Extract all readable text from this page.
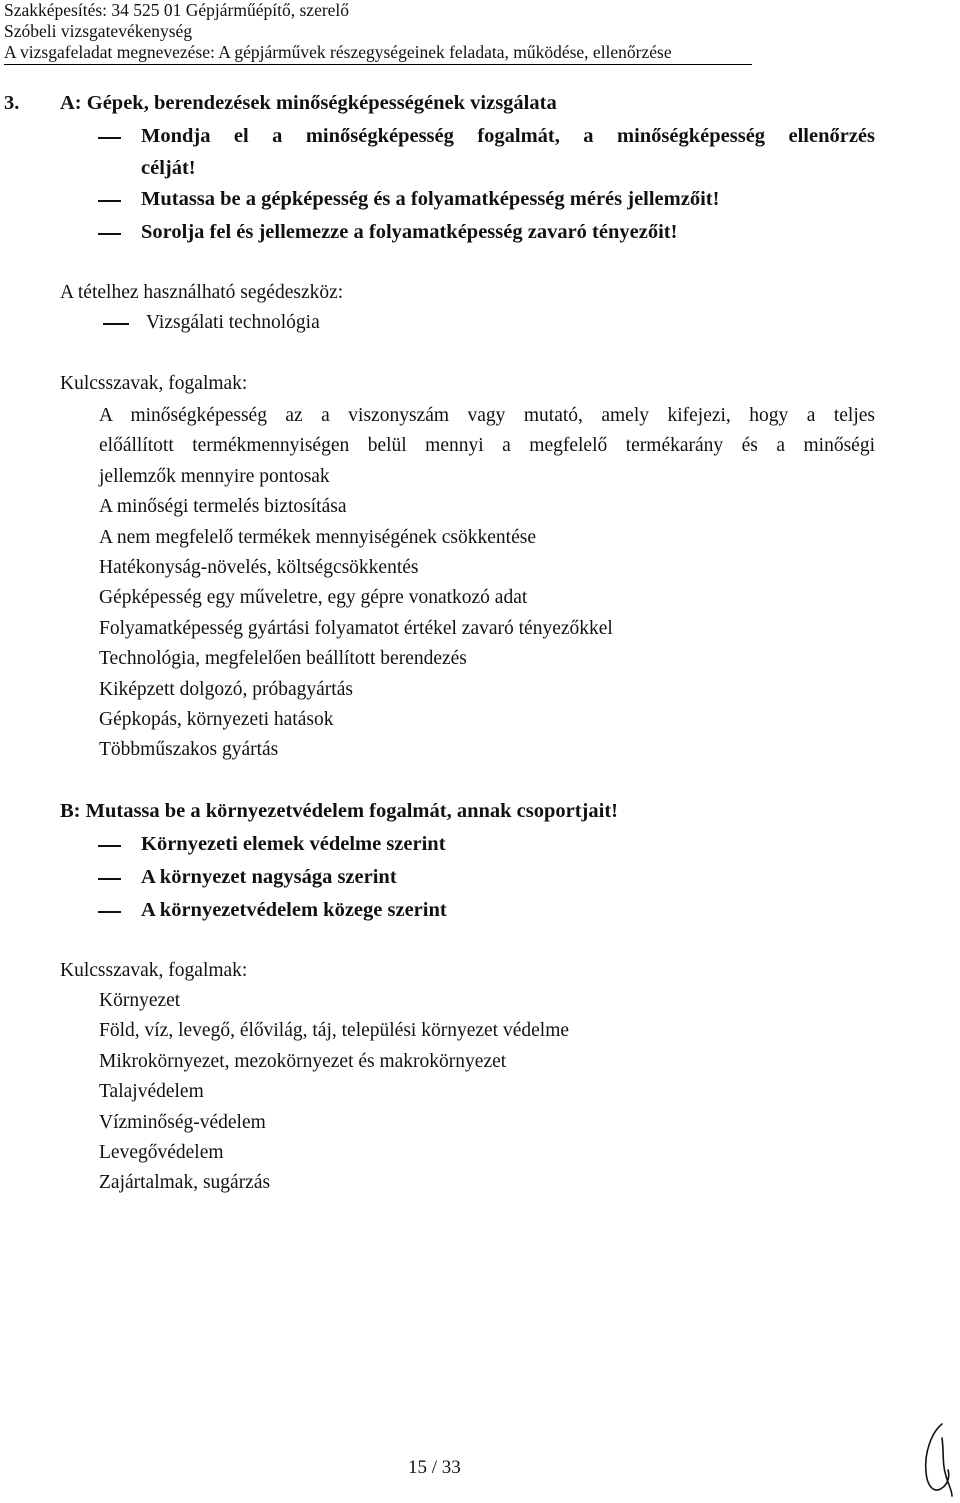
Szakképesítés: 34 525 01 Gépjárműépítő, szerelő
Szóbeli vizsgatevékenység
A vizsgafeladat megnevezése: A gépjárművek részegységeinek feladata, működése, ellenőrzése
3. A: Gépek, berendezések minőségképességének vizsgálata
Mondja el a minőségképesség fogalmát, a minőségképesség ellenőrzés
célját!
Mutassa be a gépképesség és a folyamatképesség mérés jellemzőit!
Sorolja fel és jellemezze a folyamatképesség zavaró tényezőit!
A tételhez használható segédeszköz:
Vizsgálati technológia
Kulcsszavak, fogalmak:
A minőségképesség az a viszonyszám vagy mutató, amely kifejezi, hogy a teljes
előállított termékmennyiségen belül mennyi a megfelelő termékarány és a minőségi
jellemzők mennyire pontosak
A minőségi termelés biztosítása
A nem megfelelő termékek mennyiségének csökkentése
Hatékonyság-növelés, költségcsökkentés
Gépképesség egy műveletre, egy gépre vonatkozó adat
Folyamatképesség gyártási folyamatot értékel zavaró tényezőkkel
Technológia, megfelelően beállított berendezés
Kiképzett dolgozó, próbagyártás
Gépkopás, környezeti hatások
Többműszakos gyártás
B: Mutassa be a környezetvédelem fogalmát, annak csoportjait!
Környezeti elemek védelme szerint
A környezet nagysága szerint
A környezetvédelem közege szerint
Kulcsszavak, fogalmak:
Környezet
Föld, víz, levegő, élővilág, táj, települési környezet védelme
Mikrokörnyezet, mezokörnyezet és makrokörnyezet
Talajvédelem
Vízminőség-védelem
Levegővédelem
Zajártalmak, sugárzás
15 / 33
